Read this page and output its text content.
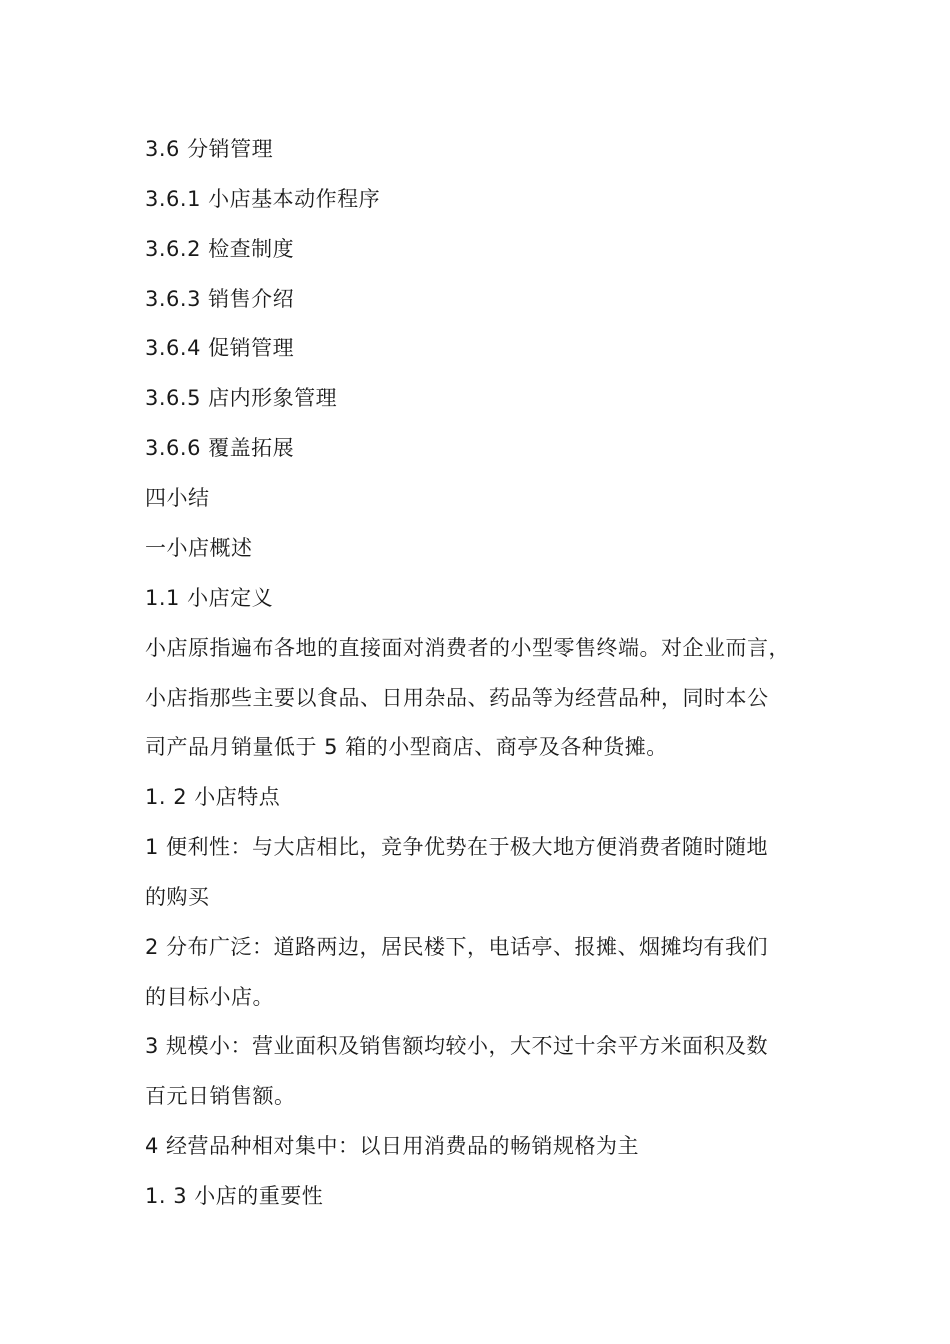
3.6 分销管理
3.6.1 小店基本动作程序
3.6.2 检查制度
3.6.3 销售介绍
3.6.4 促销管理
3.6.5 店内形象管理
3.6.6 覆盖拓展
四小结
一小店概述
1.1 小店定义
小店原指遍布各地的直接面对消费者的小型零售终端。对企业而言，
小店指那些主要以食品、日用杂品、药品等为经营品种，同时本公
司产品月销量低于 5 箱的小型商店、商亭及各种货摊。
1. 2 小店特点
1 便利性：与大店相比，竞争优势在于极大地方便消费者随时随地
的购买
2 分布广泛：道路两边，居民楼下，电话亭、报摊、烟摊均有我们
的目标小店。
3 规模小：营业面积及销售额均较小，大不过十余平方米面积及数
百元日销售额。
4 经营品种相对集中：以日用消费品的畅销规格为主
1. 3 小店的重要性
